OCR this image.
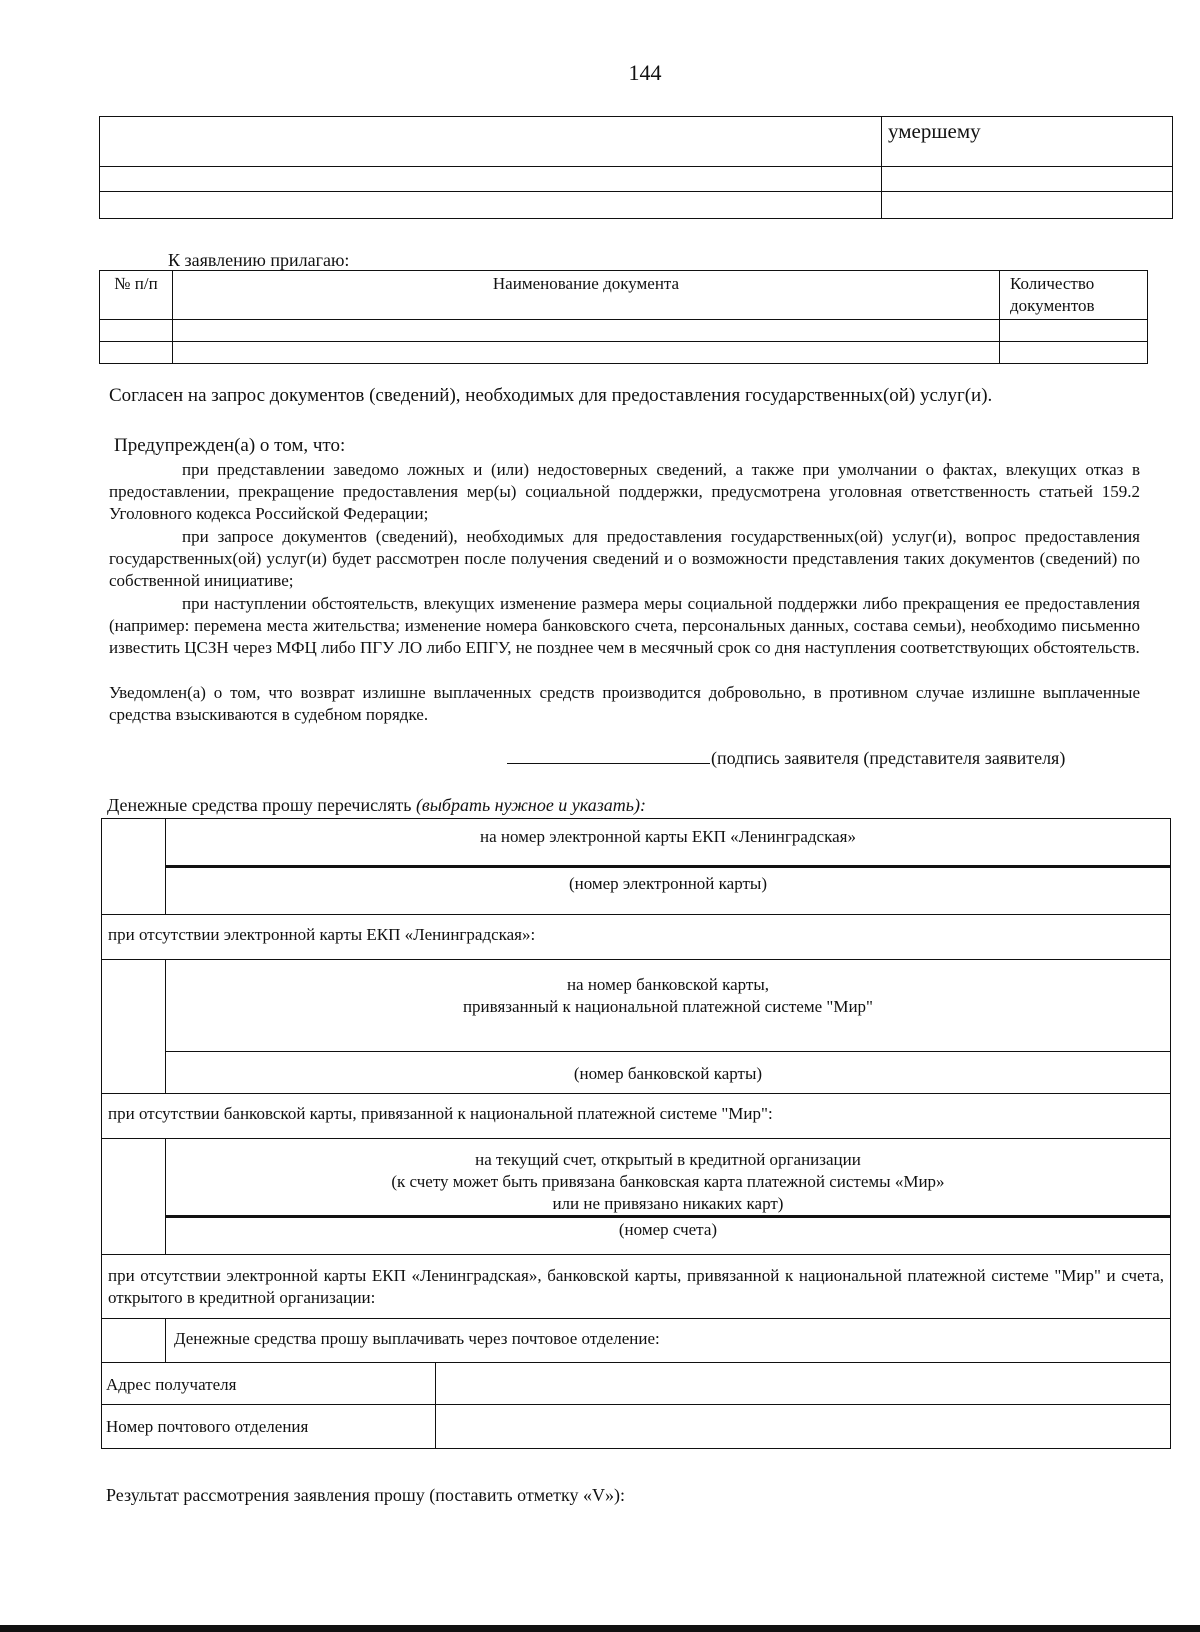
144
	умершему

К заявлению прилагаю:
№ п/п	Наименование документа	Количество документов

Согласен на запрос документов (сведений), необходимых для предоставления государственных(ой) услуг(и).
Предупрежден(а) о том, что:
при представлении заведомо ложных и (или) недостоверных сведений, а также при умолчании о фактах, влекущих отказ в предоставлении, прекращение предоставления мер(ы) социальной поддержки, предусмотрена уголовная ответственность статьей 159.2 Уголовного кодекса Российской Федерации;
при запросе документов (сведений), необходимых для предоставления государственных(ой) услуг(и), вопрос предоставления государственных(ой) услуг(и) будет рассмотрен после получения сведений и о возможности представления таких документов (сведений) по собственной инициативе;
при наступлении обстоятельств, влекущих изменение размера меры социальной поддержки либо прекращения ее предоставления (например: перемена места жительства; изменение номера банковского счета, персональных данных, состава семьи), необходимо письменно известить ЦСЗН через МФЦ либо ПГУ ЛО либо ЕПГУ, не позднее чем в месячный срок со дня наступления соответствующих обстоятельств.
Уведомлен(а) о том, что возврат излишне выплаченных средств производится добровольно, в противном случае излишне выплаченные средства взыскиваются в судебном порядке.
(подпись заявителя (представителя заявителя)
Денежные средства прошу перечислять (выбрать нужное и указать):

	на номер электронной карты ЕКП «Ленинградская»
(номер электронной карты)	

при отсутствии электронной карты ЕКП «Ленинградская»:		

	на номер банковской карты,
привязанный к национальной платежной системе "Мир"	

	(номер банковской карты)	
при отсутствии банковской карты, привязанной к национальной платежной системе "Мир":		

	на текущий счет, открытый в кредитной организации
(к счету может быть привязана банковская карта платежной системы «Мир»
или не привязано никаких карт)
(номер счета)	

при отсутствии электронной карты ЕКП «Ленинградская», банковской карты, привязанной к национальной платежной системе "Мир" и счета, открытого в кредитной организации:		
	Денежные средства прошу выплачивать через почтовое отделение:	
Адрес получателя		
Номер почтового отделения		
Результат рассмотрения заявления прошу (поставить отметку «V»):
